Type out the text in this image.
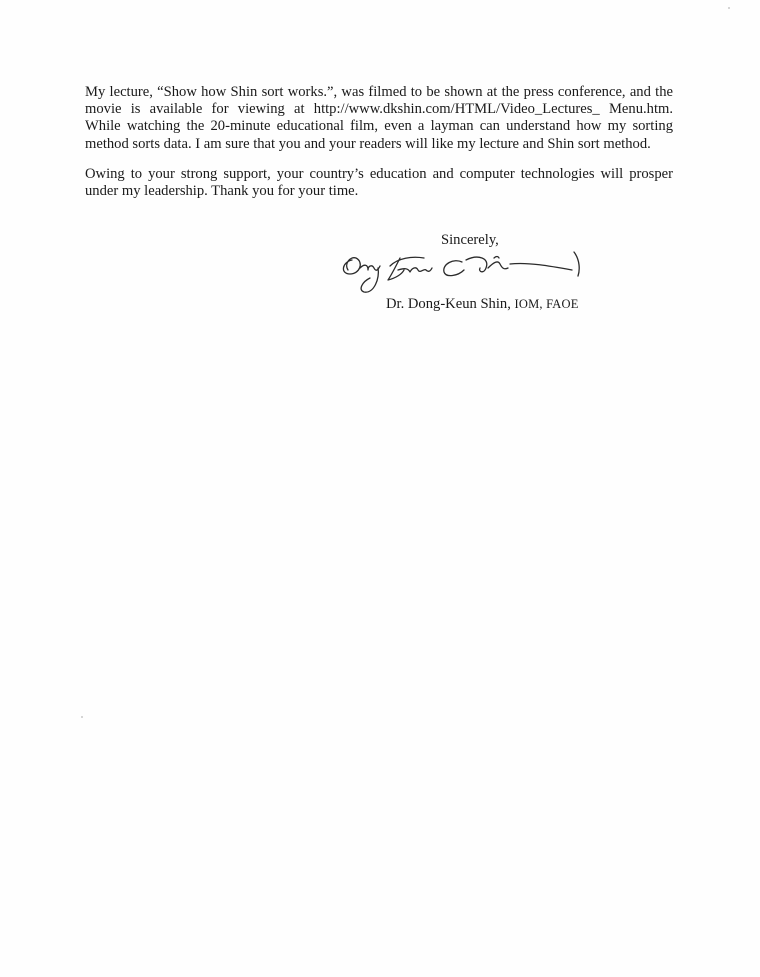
My lecture, “Show how Shin sort works.”, was filmed to be shown at the press conference, and the movie is available for viewing at http://www.dkshin.com/HTML/Video_Lectures_ Menu.htm. While watching the 20-minute educational film, even a layman can understand how my sorting method sorts data. I am sure that you and your readers will like my lecture and Shin sort method.

Owing to your strong support, your country’s education and computer technologies will prosper under my leadership. Thank you for your time.

Sincerely,
Dr. Dong-Keun Shin, IOM, FAOE
